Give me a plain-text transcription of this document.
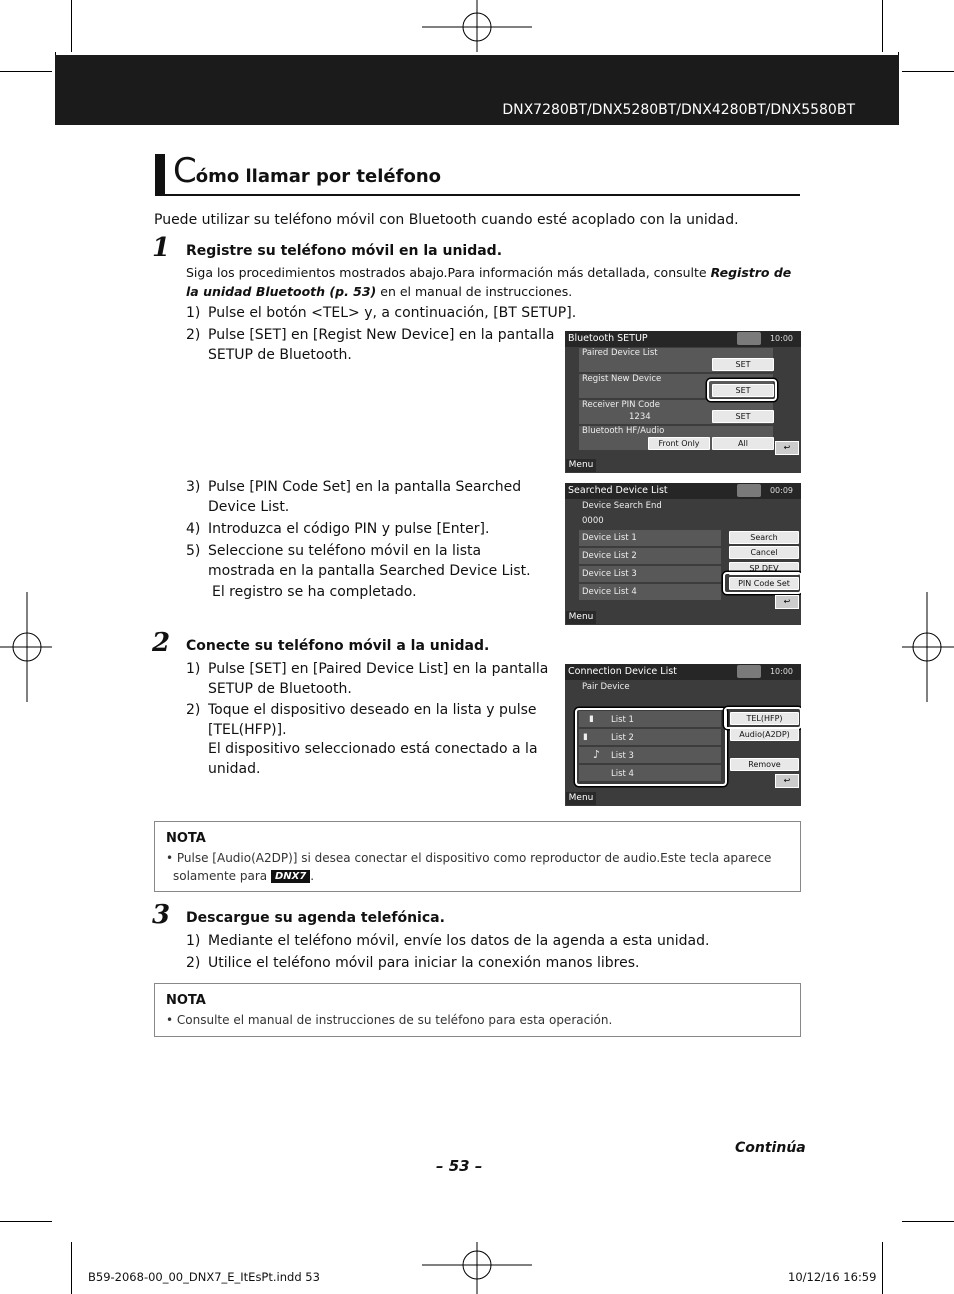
DNX7280BT/DNX5280BT/DNX4280BT/DNX5580BT
Cómo llamar por teléfono
Puede utilizar su teléfono móvil con Bluetooth cuando esté acoplado con la unidad.
1 Registre su teléfono móvil en la unidad.
Siga los procedimientos mostrados abajo.Para información más detallada, consulte Registro de
la unidad Bluetooth (p. 53) en el manual de instrucciones.
1) Pulse el botón <TEL> y, a continuación, [BT SETUP].
2) Pulse [SET] en [Regist New Device] en la pantalla
SETUP de Bluetooth.
3) Pulse [PIN Code Set] en la pantalla Searched
Device List.
4) Introduzca el código PIN y pulse [Enter].
5) Seleccione su teléfono móvil en la lista
mostrada en la pantalla Searched Device List.
El registro se ha completado.
Bluetooth SETUP	10:00
Paired Device List
Regist New Device
Receiver PIN Code
1234
Bluetooth HF/Audio
SET
SET
SET
Front Only	All	↩
Menu
Searched Device List	00:09
Device Search End
0000
Device List 1
Device List 2
Device List 3
Device List 4
Search
Cancel
SP DEV
PIN Code Set
↩
Menu
2 Conecte su teléfono móvil a la unidad.
1) Pulse [SET] en [Paired Device List] en la pantalla
SETUP de Bluetooth.
2) Toque el dispositivo deseado en la lista y pulse
[TEL(HFP)].
El dispositivo seleccionado está conectado a la
unidad.
Connection Device List	10:00
Pair Device
▮
▮
♪
List 1
List 2
List 3
List 4
TEL(HFP)
Audio(A2DP)
Remove
↩
Menu
NOTA
• Pulse [Audio(A2DP)] si desea conectar el dispositivo como reproductor de audio.Este tecla aparece
solamente para DNX7 .
3 Descargue su agenda telefónica.
1) Mediante el teléfono móvil, envíe los datos de la agenda a esta unidad.
2) Utilice el teléfono móvil para iniciar la conexión manos libres.
NOTA
• Consulte el manual de instrucciones de su teléfono para esta operación.
Continúa
– 53 –
B59-2068-00_00_DNX7_E_ItEsPt.indd 53	10/12/16 16:59
